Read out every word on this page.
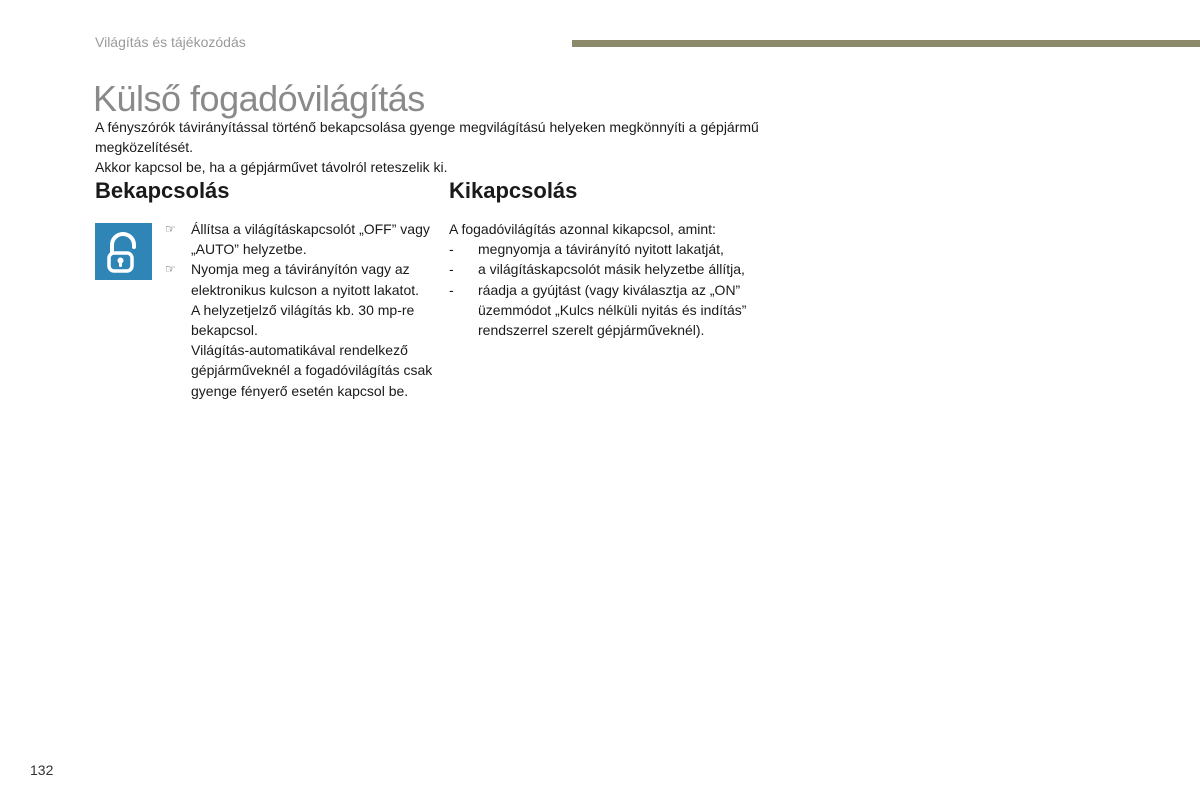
Világítás és tájékozódás
Külső fogadóvilágítás

A fényszórók távirányítással történő bekapcsolása gyenge megvilágítású helyeken megkönnyíti a gépjármű megközelítését.

Akkor kapcsol be, ha a gépjárművet távolról reteszelik ki.

Bekapcsolás	Kikapcsolás
☞ Állítsa a világításkapcsolót „OFF” vagy „AUTO” helyzetbe.

☞ Nyomja meg a távirányítón vagy az elektronikus kulcson a nyitott lakatot.

A helyzetjelző világítás kb. 30 mp-re bekapcsol.

Világítás-automatikával rendelkező gépjárműveknél a fogadóvilágítás csak gyenge fényerő esetén kapcsol be.

A fogadóvilágítás azonnal kikapcsol, amint:

- megnyomja a távirányító nyitott lakatját,
- a világításkapcsolót másik helyzetbe állítja,
- ráadja a gyújtást (vagy kiválasztja az „ON” üzemmódot „Kulcs nélküli nyitás és indítás” rendszerrel szerelt gépjárműveknél).
132
